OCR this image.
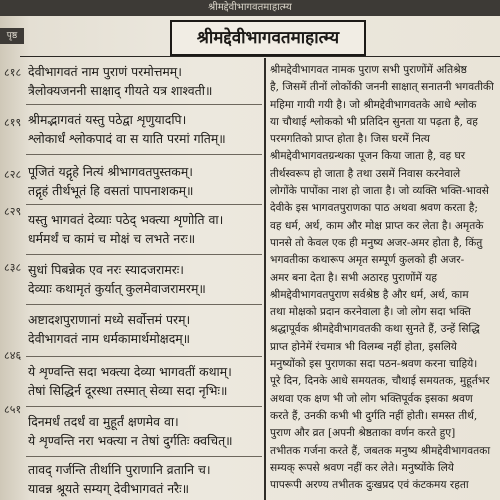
श्रीमद्देवीभागवतमाहात्म्य
पृष्ठ	श्रीमद्देवीभागवतमाहात्म्य
८१८ देवीभागवतं नाम पुराणं परमोत्तमम्।
त्रैलोक्यजननी साक्षाद् गीयते यत्र शाश्वती॥
८१९ श्रीमद्भागवतं यस्तु पठेद्वा शृणुयादपि।
श्लोकार्धं श्लोकपादं वा स याति परमां गतिम्॥
८२८ पूजितं यद्गृहे नित्यं श्रीभागवतपुस्तकम्।
तद्गृहं तीर्थभूतं हि वसतां पापनाशकम्॥
८२९
यस्तु भागवतं देव्याः पठेद् भक्त्या शृणोति वा।
धर्ममर्थं च कामं च मोक्षं च लभते नरः॥
८३८ सुधां पिबन्नेक एव नरः स्यादजरामरः।
देव्याः कथामृतं कुर्यात् कुलमेवाजरामरम्॥
अष्टादशपुराणानां मध्ये सर्वोत्तमं परम्।
देवीभागवतं नाम धर्मकामार्थमोक्षदम्॥
८४६
ये शृण्वन्ति सदा भक्त्या देव्या भागवतीं कथाम्।
तेषां सिद्धिर्न दूरस्था तस्मात् सेव्या सदा नृभिः॥
८५१
दिनमर्धं तदर्धं वा मुहूर्तं क्षणमेव वा।
ये शृण्वन्ति नरा भक्त्या न तेषां दुर्गतिः क्वचित्॥
तावद् गर्जन्ति तीर्थानि पुराणानि व्रतानि च।
यावन्न श्रूयते सम्यग् देवीभागवतं नरैः॥
श्रीमद्देवीभागवत नामक पुराण सभी पुराणोंमें अतिश्रेष्ठ
है, जिसमें तीनों लोकोंकी जननी साक्षात् सनातनी भगवतीकी
महिमा गायी गयी है। जो श्रीमद्देवीभागवतके आधे श्लोक
या चौथाई श्लोकको भी प्रतिदिन सुनता या पढ़ता है, वह
परमगतिको प्राप्त होता है। जिस घरमें नित्य
श्रीमद्देवीभागवतग्रन्थका पूजन किया जाता है, वह घर
तीर्थस्वरूप हो जाता है तथा उसमें निवास करनेवाले
लोगोंके पापोंका नाश हो जाता है। जो व्यक्ति भक्ति-भावसे
देवीके इस भागवतपुराणका पाठ अथवा श्रवण करता है;
वह धर्म, अर्थ, काम और मोक्ष प्राप्त कर लेता है। अमृतके
पानसे तो केवल एक ही मनुष्य अजर-अमर होता है, किंतु
भगवतीका कथारूप अमृत सम्पूर्ण कुलको ही अजर-
अमर बना देता है। सभी अठारह पुराणोंमें यह
श्रीमद्देवीभागवतपुराण सर्वश्रेष्ठ है और धर्म, अर्थ, काम
तथा मोक्षको प्रदान करनेवाला है। जो लोग सदा भक्ति
श्रद्धापूर्वक श्रीमद्देवीभागवतकी कथा सुनते हैं, उन्हें सिद्धि
प्राप्त होनेमें रंचमात्र भी विलम्ब नहीं होता, इसलिये
मनुष्योंको इस पुराणका सदा पठन-श्रवण करना चाहिये।
पूरे दिन, दिनके आधे समयतक, चौथाई समयतक, मुहूर्तभर
अथवा एक क्षण भी जो लोग भक्तिपूर्वक इसका श्रवण
करते हैं, उनकी कभी भी दुर्गति नहीं होती। समस्त तीर्थ,
पुराण और व्रत [अपनी श्रेष्ठताका वर्णन करते हुए]
तभीतक गर्जना करते हैं, जबतक मनुष्य श्रीमद्देवीभागवतका
सम्यक् रूपसे श्रवण नहीं कर लेते। मनुष्योंके लिये
पापरूपी अरण्य तभीतक दुःखप्रद एवं कंटकमय रहता
